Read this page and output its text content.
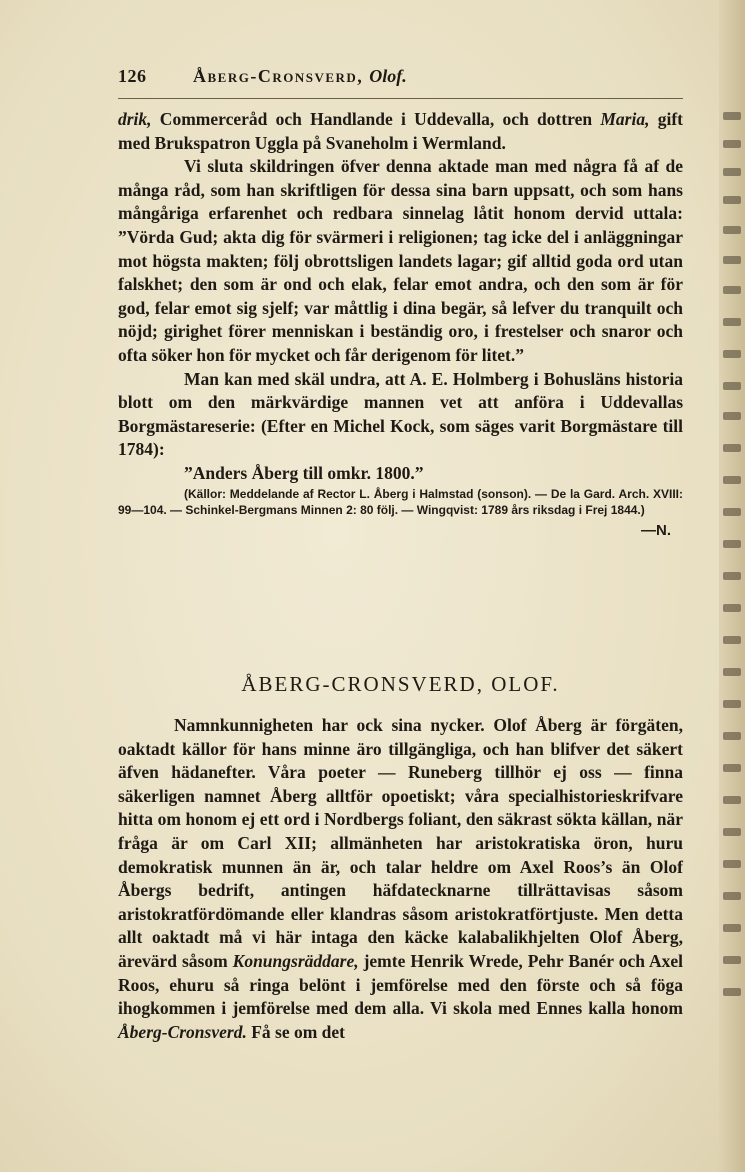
126	Åberg-Cronsverd, Olof.

drik, Commerceråd och Handlande i Uddevalla, och dottren Maria, gift med Brukspatron Uggla på Svaneholm i Wermland.

Vi sluta skildringen öfver denna aktade man med några få af de många råd, som han skriftligen för dessa sina barn uppsatt, och som hans mångåriga erfarenhet och redbara sinnelag låtit honom dervid uttala: ”Vörda Gud; akta dig för svärmeri i religionen; tag icke del i anläggningar mot högsta makten; följ obrottsligen landets lagar; gif alltid goda ord utan falskhet; den som är ond och elak, felar emot andra, och den som är för god, felar emot sig sjelf; var måttlig i dina begär, så lefver du tranquilt och nöjd; girighet förer menniskan i beständig oro, i frestelser och snaror och ofta söker hon för mycket och får derigenom för litet.”

Man kan med skäl undra, att A. E. Holmberg i Bohusläns historia blott om den märkvärdige mannen vet att anföra i Uddevallas Borgmästareserie: (Efter en Michel Kock, som säges varit Borgmästare till 1784):

”Anders Åberg till omkr. 1800.”

(Källor: Meddelande af Rector L. Åberg i Halmstad (sonson). — De la Gard. Arch. XVIII: 99—104. — Schinkel-Bergmans Minnen 2: 80 följ. — Wingqvist: 1789 års riksdag i Frej 1844.)

—N.

ÅBERG-CRONSVERD, OLOF.

Namnkunnigheten har ock sina nycker. Olof Åberg är förgäten, oaktadt källor för hans minne äro tillgängliga, och han blifver det säkert äfven hädanefter. Våra poeter — Runeberg tillhör ej oss — finna säkerligen namnet Åberg alltför opoetiskt; våra specialhistorieskrifvare hitta om honom ej ett ord i Nordbergs foliant, den säkrast sökta källan, när fråga är om Carl XII; allmänheten har aristokratiska öron, huru demokratisk munnen än är, och talar heldre om Axel Roos’s än Olof Åbergs bedrift, antingen häfdatecknarne tillrättavisas såsom aristokratfördömande eller klandras såsom aristokratförtjuste. Men detta allt oaktadt må vi här intaga den käcke kalabalikhjelten Olof Åberg, ärevärd såsom Konungsräddare, jemte Henrik Wrede, Pehr Banér och Axel Roos, ehuru så ringa belönt i jemförelse med den förste och så föga ihogkommen i jemförelse med dem alla. Vi skola med Ennes kalla honom Åberg-Cronsverd. Få se om det
